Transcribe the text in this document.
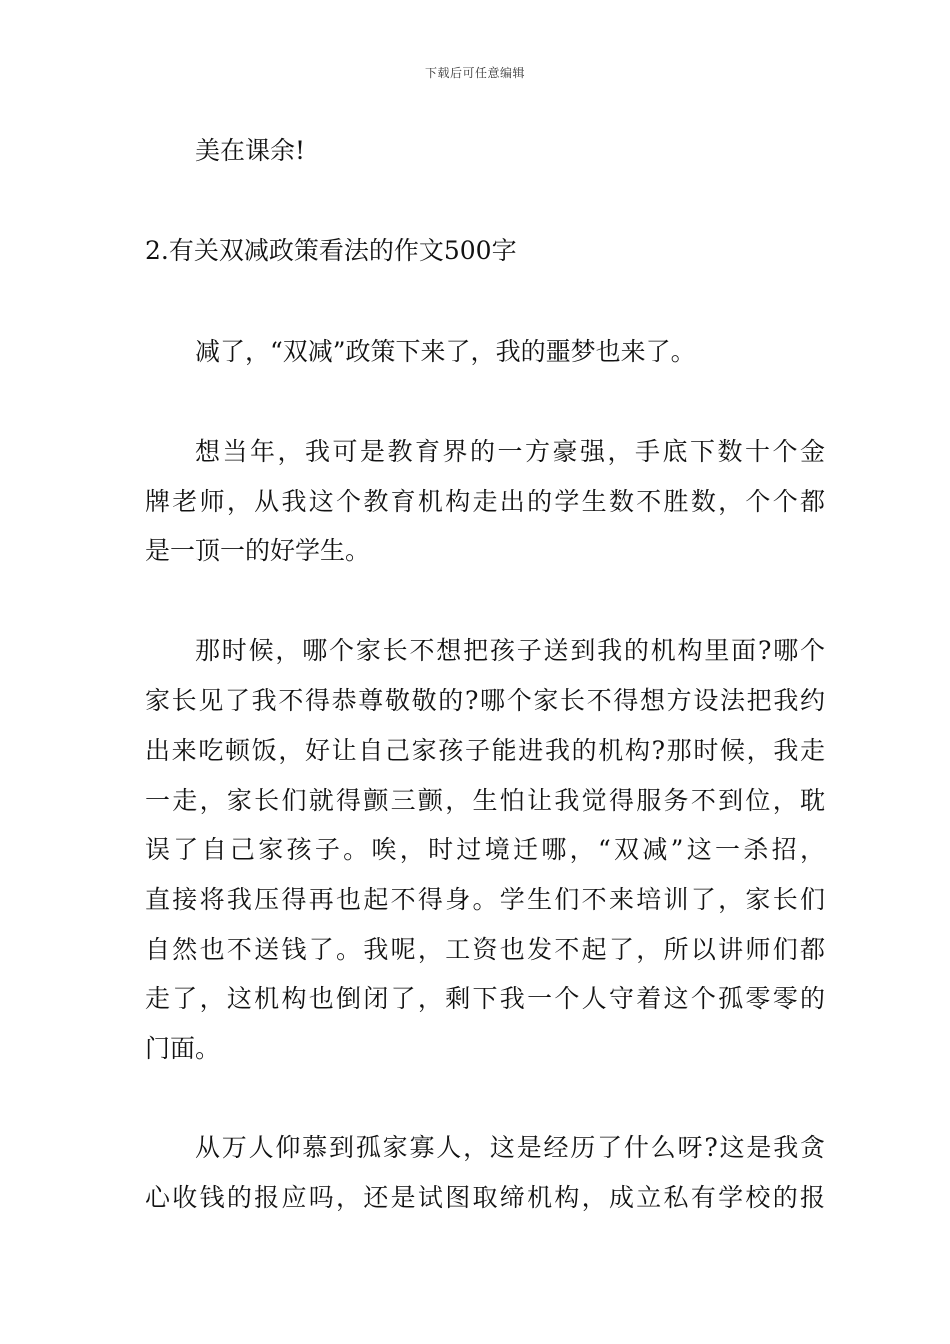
下载后可任意编辑
美在课余!
2.有关双减政策看法的作文500字
减了，“双减”政策下来了，我的噩梦也来了。
想当年，我可是教育界的一方豪强，手底下数十个金
牌老师，从我这个教育机构走出的学生数不胜数，个个都
是一顶一的好学生。
那时候，哪个家长不想把孩子送到我的机构里面?哪个
家长见了我不得恭尊敬敬的?哪个家长不得想方设法把我约
出来吃顿饭，好让自己家孩子能进我的机构?那时候，我走
一走，家长们就得颤三颤，生怕让我觉得服务不到位，耽
误了自己家孩子。唉，时过境迁哪，“双减”这一杀招，
直接将我压得再也起不得身。学生们不来培训了，家长们
自然也不送钱了。我呢，工资也发不起了，所以讲师们都
走了，这机构也倒闭了，剩下我一个人守着这个孤零零的
门面。
从万人仰慕到孤家寡人，这是经历了什么呀?这是我贪
心收钱的报应吗，还是试图取缔机构，成立私有学校的报
